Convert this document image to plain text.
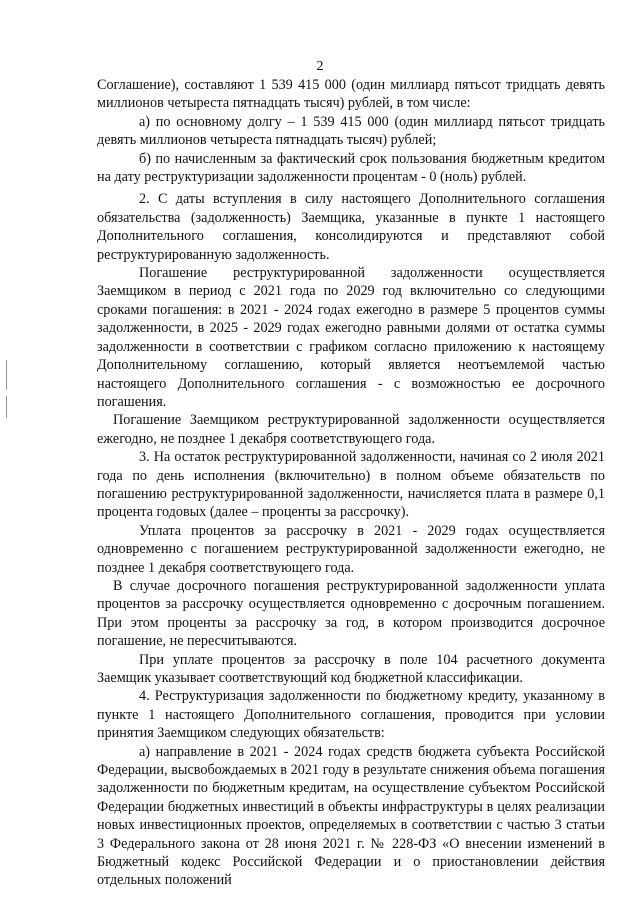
2

Соглашение), составляют 1 539 415 000 (один миллиард пятьсот тридцать девять миллионов четыреста пятнадцать тысяч) рублей, в том числе:

а) по основному долгу – 1 539 415 000 (один миллиард пятьсот тридцать девять миллионов четыреста пятнадцать тысяч) рублей;

б) по начисленным за фактический срок пользования бюджетным кредитом на дату реструктуризации задолженности процентам - 0 (ноль) рублей.

2. С даты вступления в силу настоящего Дополнительного соглашения обязательства (задолженность) Заемщика, указанные в пункте 1 настоящего Дополнительного соглашения, консолидируются и представляют собой реструктурированную задолженность.

Погашение реструктурированной задолженности осуществляется Заемщиком в период с 2021 года по 2029 год включительно со следующими сроками погашения: в 2021 - 2024 годах ежегодно в размере 5 процентов суммы задолженности, в 2025 - 2029 годах ежегодно равными долями от остатка суммы задолженности в соответствии с графиком согласно приложению к настоящему Дополнительному соглашению, который является неотъемлемой частью настоящего Дополнительного соглашения - с возможностью ее досрочного погашения.

Погашение Заемщиком реструктурированной задолженности осуществляется ежегодно, не позднее 1 декабря соответствующего года.

3. На остаток реструктурированной задолженности, начиная со 2 июля 2021 года по день исполнения (включительно) в полном объеме обязательств по погашению реструктурированной задолженности, начисляется плата в размере 0,1 процента годовых (далее – проценты за рассрочку).

Уплата процентов за рассрочку в 2021 - 2029 годах осуществляется одновременно с погашением реструктурированной задолженности ежегодно, не позднее 1 декабря соответствующего года.

В случае досрочного погашения реструктурированной задолженности уплата процентов за рассрочку осуществляется одновременно с досрочным погашением. При этом проценты за рассрочку за год, в котором производится досрочное погашение, не пересчитываются.

При уплате процентов за рассрочку в поле 104 расчетного документа Заемщик указывает соответствующий код бюджетной классификации.

4. Реструктуризация задолженности по бюджетному кредиту, указанному в пункте 1 настоящего Дополнительного соглашения, проводится при условии принятия Заемщиком следующих обязательств:

а) направление в 2021 - 2024 годах средств бюджета субъекта Российской Федерации, высвобождаемых в 2021 году в результате снижения объема погашения задолженности по бюджетным кредитам, на осуществление субъектом Российской Федерации бюджетных инвестиций в объекты инфраструктуры в целях реализации новых инвестиционных проектов, определяемых в соответствии с частью 3 статьи 3 Федерального закона от 28 июня 2021 г. № 228-ФЗ «О внесении изменений в Бюджетный кодекс Российской Федерации и о приостановлении действия отдельных положений
